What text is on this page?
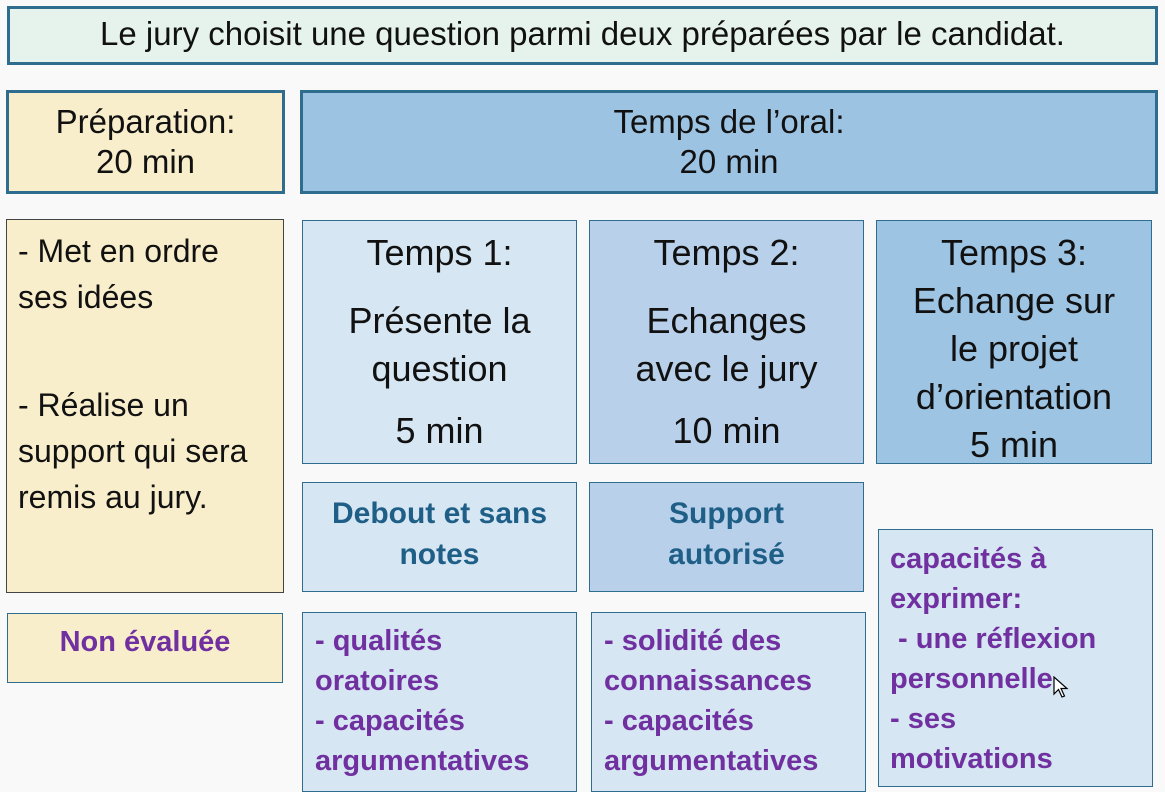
Le jury choisit une question parmi deux préparées par le candidat.
Préparation:
20 min
Temps de l’oral:
20 min
- Met en ordre ses idées
- Réalise un support qui sera remis au jury.
Non évaluée
Temps 1:
Présente la
question
5 min
Temps 2:
Echanges
avec le jury
10 min
Temps 3:
Echange sur
le projet
d’orientation
5 min
Debout et sans
notes
Support
autorisé
- qualités
oratoires
- capacités
argumentatives
- solidité des
connaissances
- capacités
argumentatives
capacités à
exprimer:
- une réflexion
personnelle
- ses
motivations
